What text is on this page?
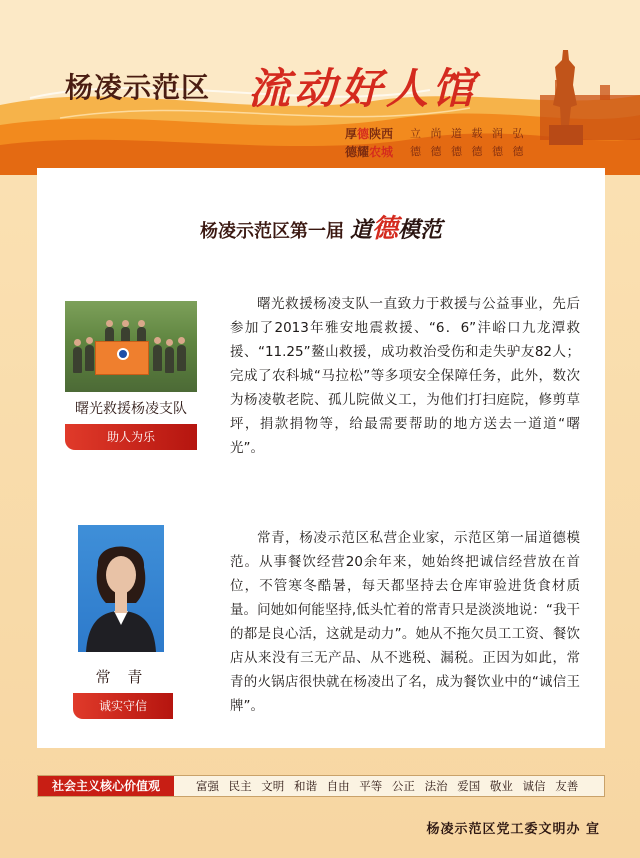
杨凌示范区 流动好人馆
厚德陕西
德耀农城
立 尚 道 载 润 弘
德 德 德 德 德 德
杨凌示范区第一届 道德模范
曙光救援杨凌支队
助人为乐

曙光救援杨凌支队一直致力于救援与公益事业，先后参加了2013年雅安地震救援、“6．6”沣峪口九龙潭救援、“11.25”鳌山救援，成功救治受伤和走失驴友82人；完成了农科城“马拉松”等多项安全保障任务，此外，数次为杨凌敬老院、孤儿院做义工，为他们打扫庭院，修剪草坪，捐款捐物等，给最需要帮助的地方送去一道道“曙光”。

常 青
诚实守信

常青，杨凌示范区私营企业家，示范区第一届道德模范。从事餐饮经营20余年来，她始终把诚信经营放在首位，不管寒冬酷暑，每天都坚持去仓库审验进货食材质量。问她如何能坚持,低头忙着的常青只是淡淡地说：“我干的都是良心活，这就是动力”。她从不拖欠员工工资、餐饮店从来没有三无产品、从不逃税、漏税。正因为如此，常青的火锅店很快就在杨凌出了名，成为餐饮业中的“诚信王牌”。

社会主义核心价值观	富强 民主 文明 和谐 自由 平等 公正 法治 爱国 敬业 诚信 友善
杨凌示范区党工委文明办 宣
